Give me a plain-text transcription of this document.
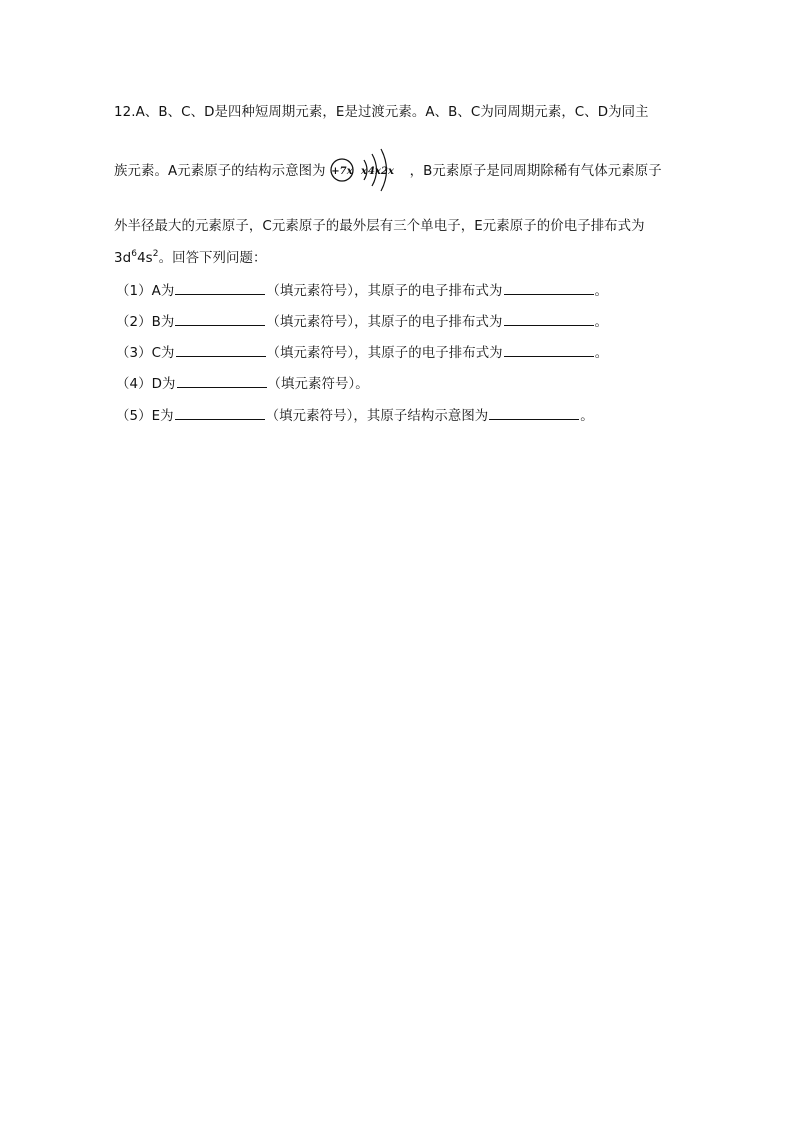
12.A、B、C、D是四种短周期元素，E是过渡元素。A、B、C为同周期元素，C、D为同主
族元素。A元素原子的结构示意图为 +7x x 4x 2x ，B元素原子是同周期除稀有气体元素原子
外半径最大的元素原子，C元素原子的最外层有三个单电子，E元素原子的价电子排布式为
$3d^64s^2$。回答下列问题：
（1）A为	（填元素符号），其原子的电子排布式为	。
（2）B为	（填元素符号），其原子的电子排布式为	。
（3）C为	（填元素符号），其原子的电子排布式为	。
（4）D为	（填元素符号）。
（5）E为	（填元素符号），其原子结构示意图为	。
